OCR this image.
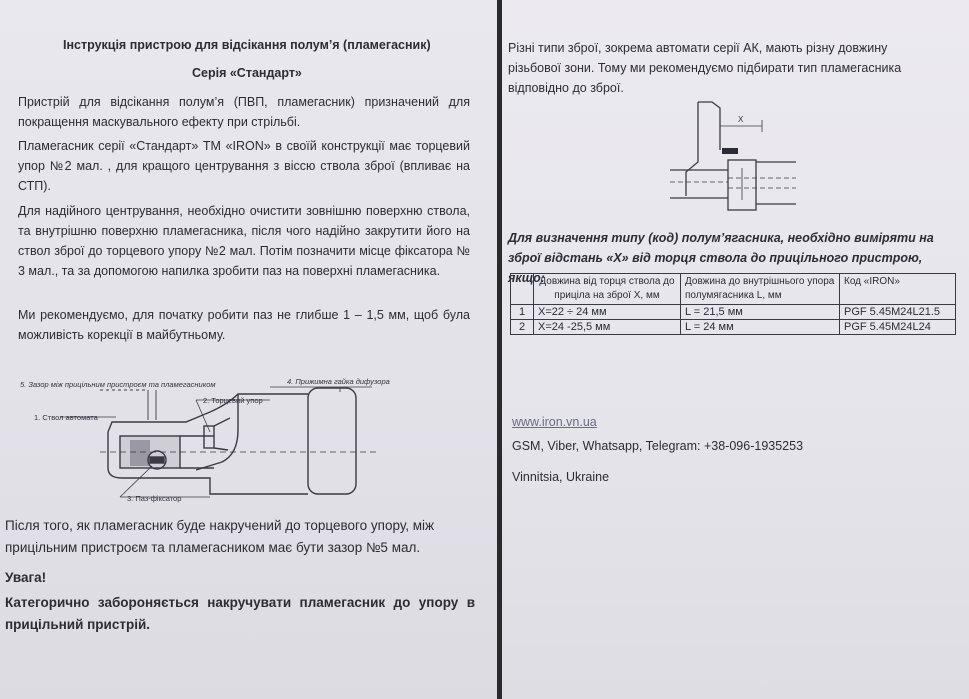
Інструкція пристрою для відсікання полум’я (пламегасник)
Серія «Стандарт»
Пристрій для відсікання полум’я (ПВП, пламегасник) призначений для покращення маскувального ефекту при стрільбі.
Пламегасник серії «Стандарт» ТМ «IRON» в своїй конструкції має торцевий упор №2 мал. , для кращого центрування з віссю ствола зброї (впливає на СТП).
Для надійного центрування, необхідно очистити зовнішню поверхню ствола, та внутрішню поверхню пламегасника, після чого надійно закрутити його на ствол зброї до торцевого упору №2 мал. Потім позначити місце фіксатора № 3 мал., та за допомогою напилка зробити паз на поверхні пламегасника.
Ми рекомендуємо, для початку робити паз не глибше 1 – 1,5 мм, щоб була можливість корекції в майбутньому.
5. Зазор між прицільним пристроєм та пламегасником
1. Ствол автомата
2. Торцевий упор
4. Прижимна гайка дифузора
3. Паз-фіксатор
Після того, як пламегасник буде накручений до торцевого упору, між прицільним пристроєм та пламегасником має бути зазор №5 мал.
Увага!
Категорично забороняється накручувати пламегасник до упору в прицільний пристрій.
Різні типи зброї, зокрема автомати серії АК, мають різну довжину різьбової зони. Тому ми рекомендуємо підбирати тип пламегасника відповідно до зброї.
X
Для визначення типу (код) полум’ягасника, необхідно виміряти на зброї відстань «Х» від торця ствола до прицільного пристрою, якщо:
	Довжина від торця ствола до приціла на зброї X, мм	Довжина до внутрішнього упора полумягасника L, мм	Код «IRON»
1	X=22 ÷ 24 мм	L = 21,5 мм	PGF 5.45M24L21.5
2	X=24 -25,5 мм	L = 24 мм	PGF 5.45M24L24
www.iron.vn.ua
GSM, Viber, Whatsapp, Telegram: +38-096-1935253
Vinnitsia, Ukraine
